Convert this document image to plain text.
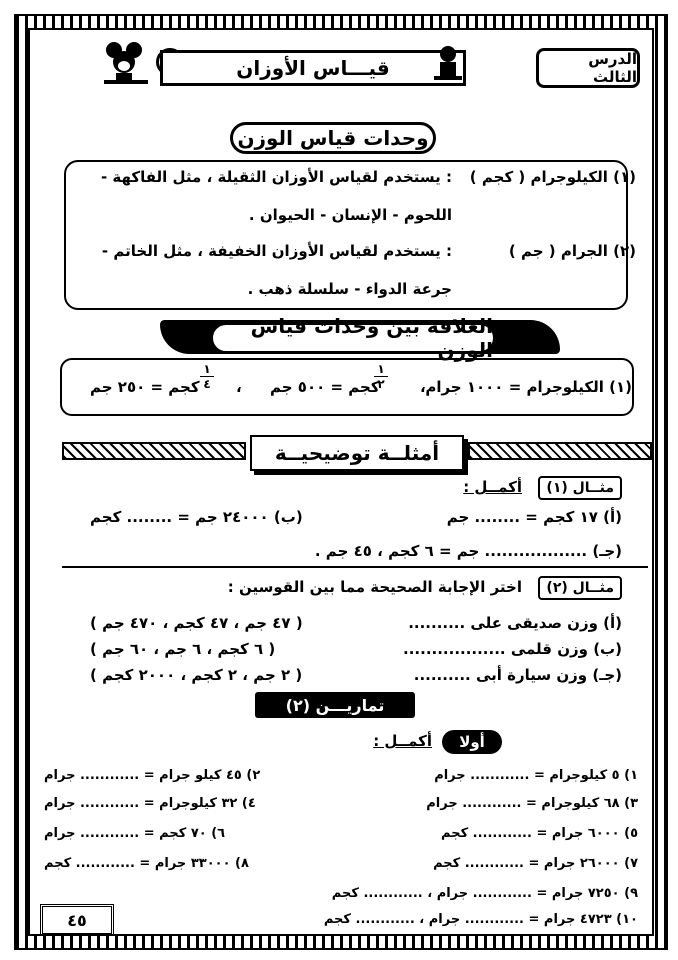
الدرس الثالث
قيـــاس الأوزان
وحدات قياس الوزن
(١) الكيلوجرام ( كجم )
: يستخدم لقياس الأوزان الثقيلة ، مثل الفاكهة -
اللحوم - الإنسان - الحيوان .
(٢) الجرام ( جم )
: يستخدم لقياس الأوزان الخفيفة ، مثل الخاتم -
جرعة الدواء - سلسلة ذهب .
العلاقة بين وحدات قياس الوزن
(١) الكيلوجرام = ١٠٠٠ جرام
،
١
٢
كجم = ٥٠٠ جم
،
١
٤
كجم = ٢٥٠ جم
أمثلــة توضيحيــة
مثــال (١)
أكمــل :
(أ) ١٧ كجم = ........ جم
(ب) ٢٤٠٠٠ جم = ........ كجم
(جـ) .................. جم = ٦ كجم ، ٤٥ جم .
مثــال (٢)
اختر الإجابة الصحيحة مما بين القوسين :
(أ) وزن صديقى على ..........
( ٤٧ جم ، ٤٧ كجم ، ٤٧٠ جم )
(ب) وزن قلمى ..................
( ٦ كجم ، ٦ جم ، ٦٠ جم )
(جـ) وزن سيارة أبى ..........
( ٢ جم ، ٢ كجم ، ٢٠٠٠ كجم )
تماريـــن (٢)
أولا
أكمــل :
١) ٥ كيلوجرام = ............ جرام
٢) ٤٥ كيلو جرام = ............ جرام
٣) ٦٨ كيلوجرام = ............ جرام
٤) ٣٢ كيلوجرام = ............ جرام
٥) ٦٠٠٠ جرام = ............ كجم
٦) ٧٠ كجم = ............ جرام
٧) ٢٦٠٠٠ جرام = ............ كجم
٨) ٣٣٠٠٠ جرام = ............ كجم
٩) ٧٢٥٠ جرام = ............ جرام ، ............ كجم
١٠) ٤٧٢٣ جرام = ............ جرام ، ............ كجم
٤٥
